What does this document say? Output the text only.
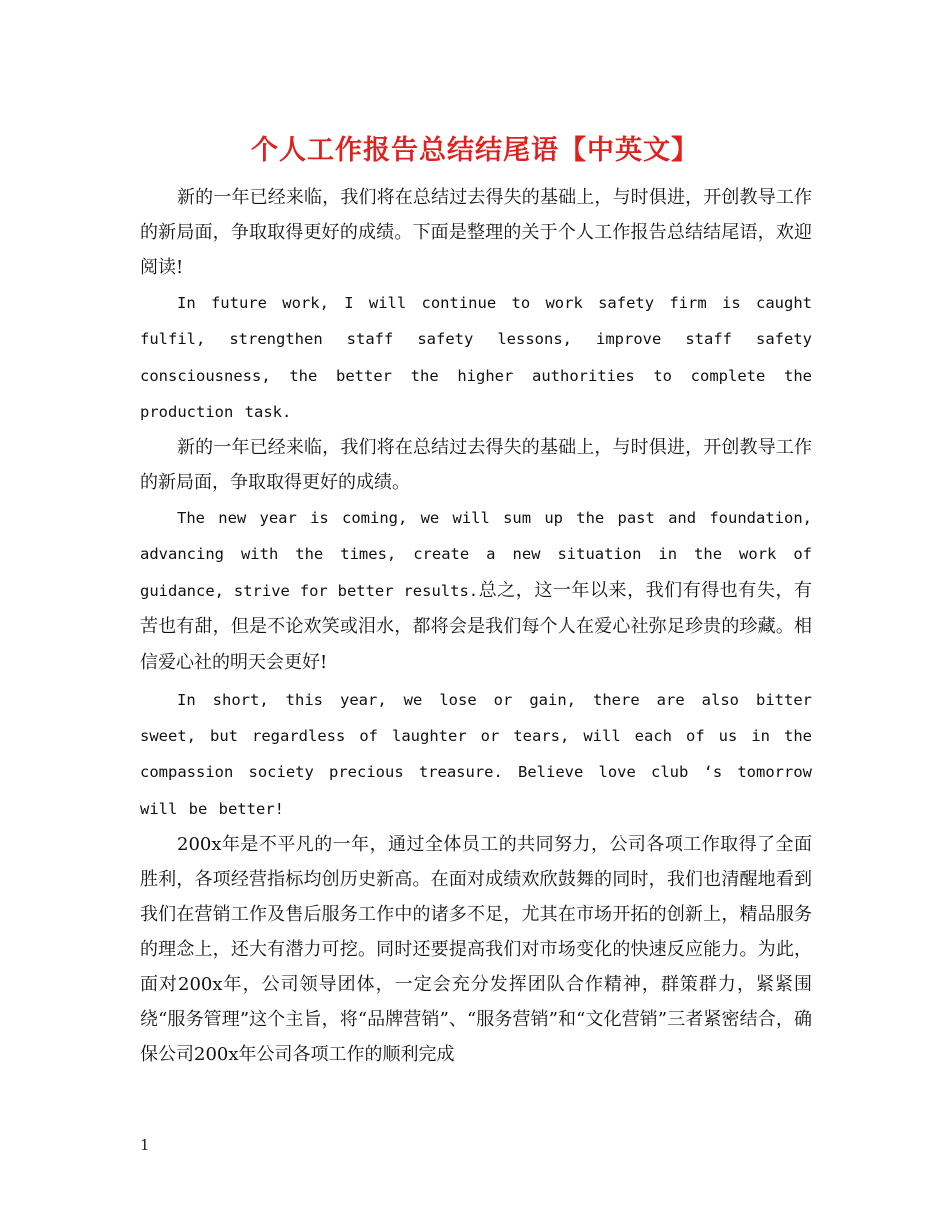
个人工作报告总结结尾语【中英文】

新的一年已经来临，我们将在总结过去得失的基础上，与时俱进，开创教导工作的新局面，争取取得更好的成绩。下面是整理的关于个人工作报告总结结尾语，欢迎阅读!

In future work, I will continue to work safety firm is caught fulfil, strengthen staff safety lessons, improve staff safety consciousness, the better the higher authorities to complete the production task.

新的一年已经来临，我们将在总结过去得失的基础上，与时俱进，开创教导工作的新局面，争取取得更好的成绩。

The new year is coming, we will sum up the past and foundation, advancing with the times, create a new situation in the work of guidance, strive for better results.总之，这一年以来，我们有得也有失，有苦也有甜，但是不论欢笑或泪水，都将会是我们每个人在爱心社弥足珍贵的珍藏。相信爱心社的明天会更好!

In short, this year, we lose or gain, there are also bitter sweet, but regardless of laughter or tears, will each of us in the compassion society precious treasure. Believe love club ‘s tomorrow will be better!

200x年是不平凡的一年，通过全体员工的共同努力，公司各项工作取得了全面胜利，各项经营指标均创历史新高。在面对成绩欢欣鼓舞的同时，我们也清醒地看到我们在营销工作及售后服务工作中的诸多不足，尤其在市场开拓的创新上，精品服务的理念上，还大有潜力可挖。同时还要提高我们对市场变化的快速反应能力。为此，面对200x年，公司领导团体，一定会充分发挥团队合作精神，群策群力，紧紧围绕“服务管理”这个主旨，将“品牌营销”、“服务营销”和“文化营销”三者紧密结合，确保公司200x年公司各项工作的顺利完成

1
